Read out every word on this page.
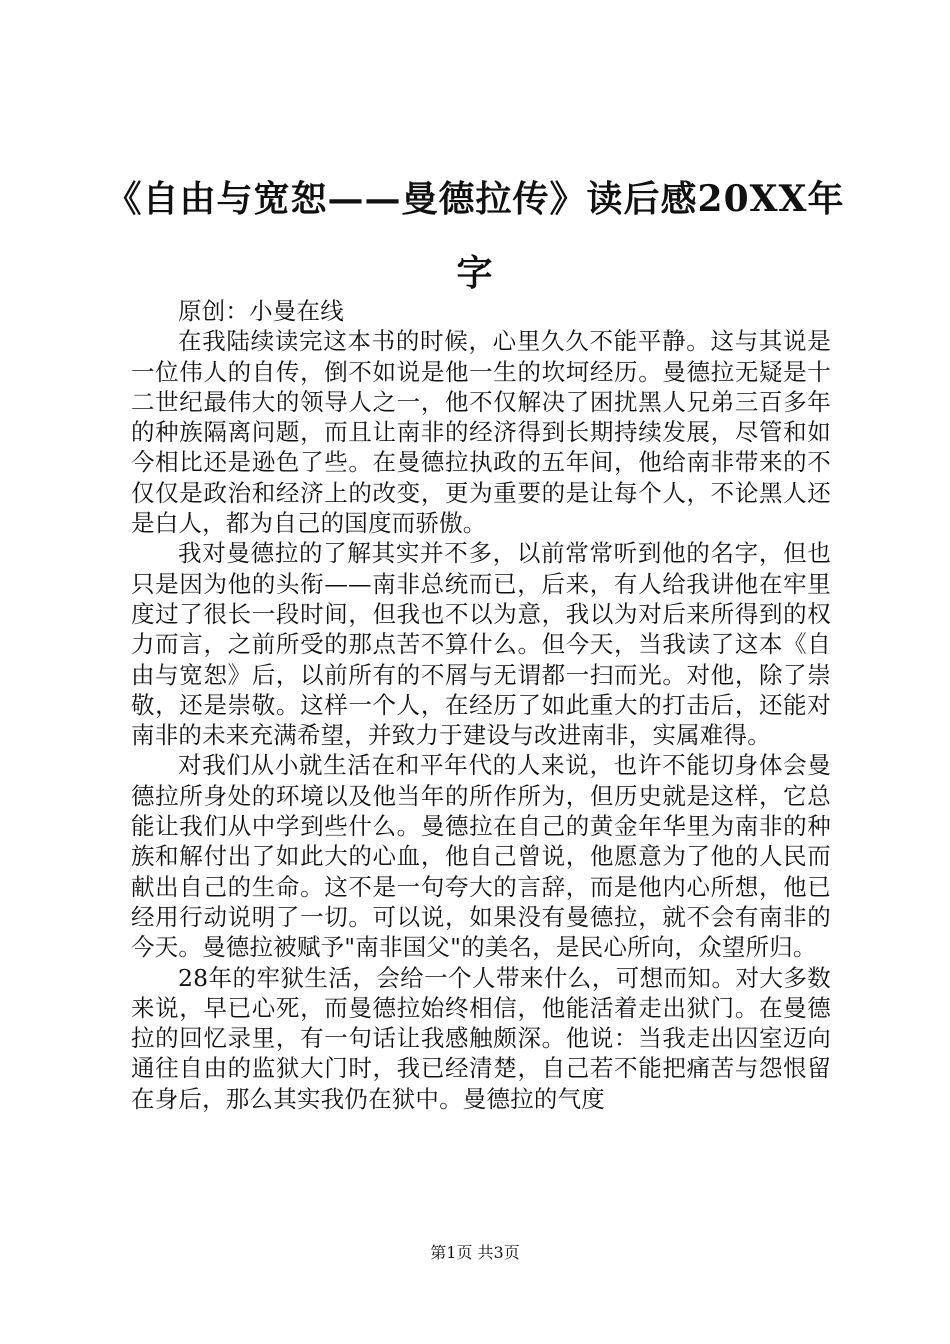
《自由与宽恕——曼德拉传》读后感20XX年字

原创：小曼在线

在我陆续读完这本书的时候，心里久久不能平静。这与其说是一位伟人的自传，倒不如说是他一生的坎坷经历。曼德拉无疑是十二世纪最伟大的领导人之一，他不仅解决了困扰黑人兄弟三百多年的种族隔离问题，而且让南非的经济得到长期持续发展，尽管和如今相比还是逊色了些。在曼德拉执政的五年间，他给南非带来的不仅仅是政治和经济上的改变，更为重要的是让每个人，不论黑人还是白人，都为自己的国度而骄傲。

我对曼德拉的了解其实并不多，以前常常听到他的名字，但也只是因为他的头衔——南非总统而已，后来，有人给我讲他在牢里度过了很长一段时间，但我也不以为意，我以为对后来所得到的权力而言，之前所受的那点苦不算什么。但今天，当我读了这本《自由与宽恕》后，以前所有的不屑与无谓都一扫而光。对他，除了崇敬，还是崇敬。这样一个人，在经历了如此重大的打击后，还能对南非的未来充满希望，并致力于建设与改进南非，实属难得。

对我们从小就生活在和平年代的人来说，也许不能切身体会曼德拉所身处的环境以及他当年的所作所为，但历史就是这样，它总能让我们从中学到些什么。曼德拉在自己的黄金年华里为南非的种族和解付出了如此大的心血，他自己曾说，他愿意为了他的人民而献出自己的生命。这不是一句夸大的言辞，而是他内心所想，他已经用行动说明了一切。可以说，如果没有曼德拉，就不会有南非的今天。曼德拉被赋予"南非国父"的美名，是民心所向，众望所归。

28年的牢狱生活，会给一个人带来什么，可想而知。对大多数来说，早已心死，而曼德拉始终相信，他能活着走出狱门。在曼德拉的回忆录里，有一句话让我感触颇深。他说：当我走出囚室迈向通往自由的监狱大门时，我已经清楚，自己若不能把痛苦与怨恨留在身后，那么其实我仍在狱中。曼德拉的气度

第1页 共3页
